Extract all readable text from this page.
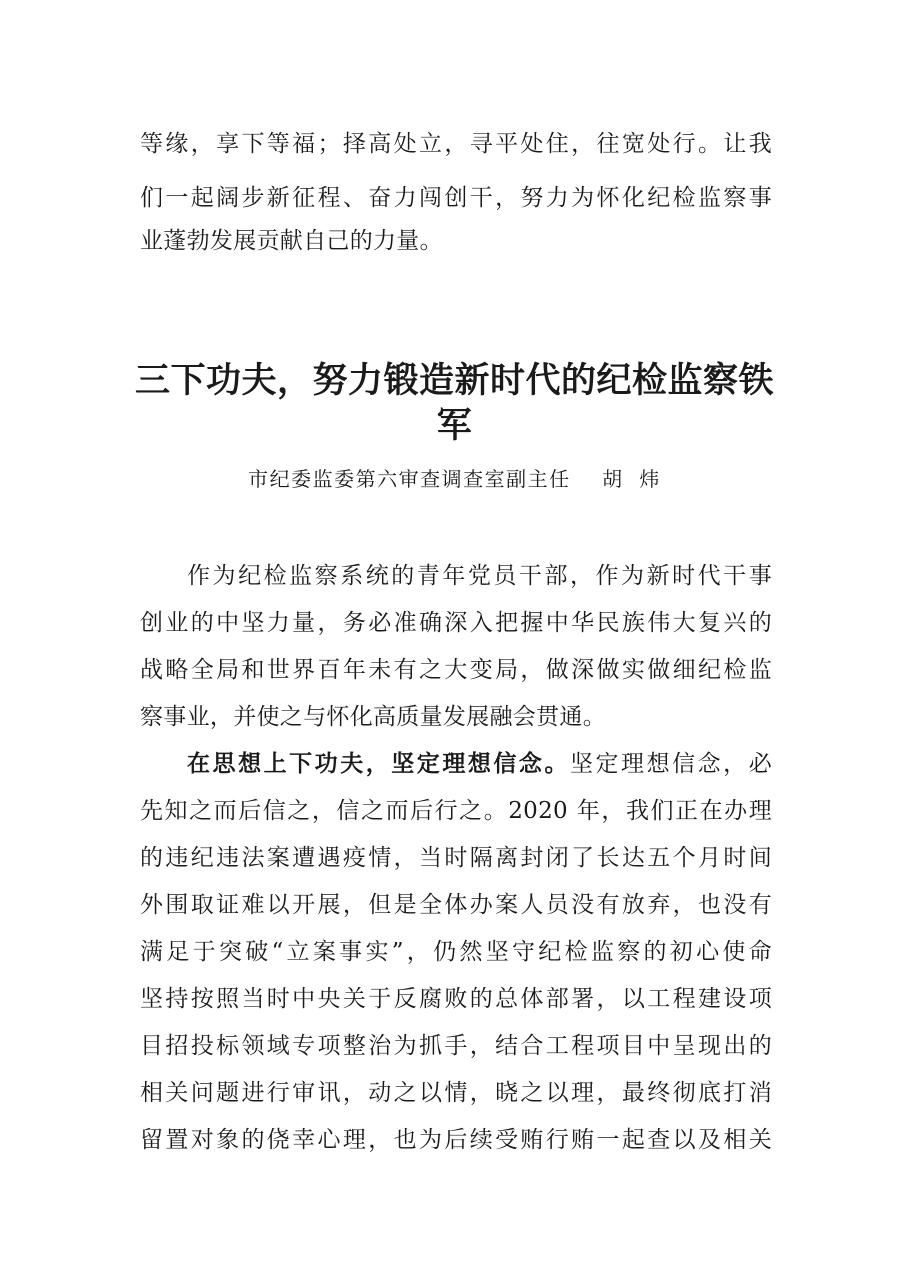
等缘，享下等福；择高处立，寻平处住，往宽处行。让我
们一起阔步新征程、奋力闯创干，努力为怀化纪检监察事
业蓬勃发展贡献自己的力量。
三下功夫，努力锻造新时代的纪检监察铁
军
市纪委监委第六审查调查室副主任    胡  炜
作为纪检监察系统的青年党员干部，作为新时代干事
创业的中坚力量，务必准确深入把握中华民族伟大复兴的
战略全局和世界百年未有之大变局，做深做实做细纪检监
察事业，并使之与怀化高质量发展融会贯通。
在思想上下功夫，坚定理想信念。坚定理想信念，必
先知之而后信之，信之而后行之。2020 年，我们正在办理
的违纪违法案遭遇疫情，当时隔离封闭了长达五个月时间
外围取证难以开展，但是全体办案人员没有放弃，也没有
满足于突破“立案事实”，仍然坚守纪检监察的初心使命
坚持按照当时中央关于反腐败的总体部署，以工程建设项
目招投标领域专项整治为抓手，结合工程项目中呈现出的
相关问题进行审讯，动之以情，晓之以理，最终彻底打消
留置对象的侥幸心理，也为后续受贿行贿一起查以及相关
